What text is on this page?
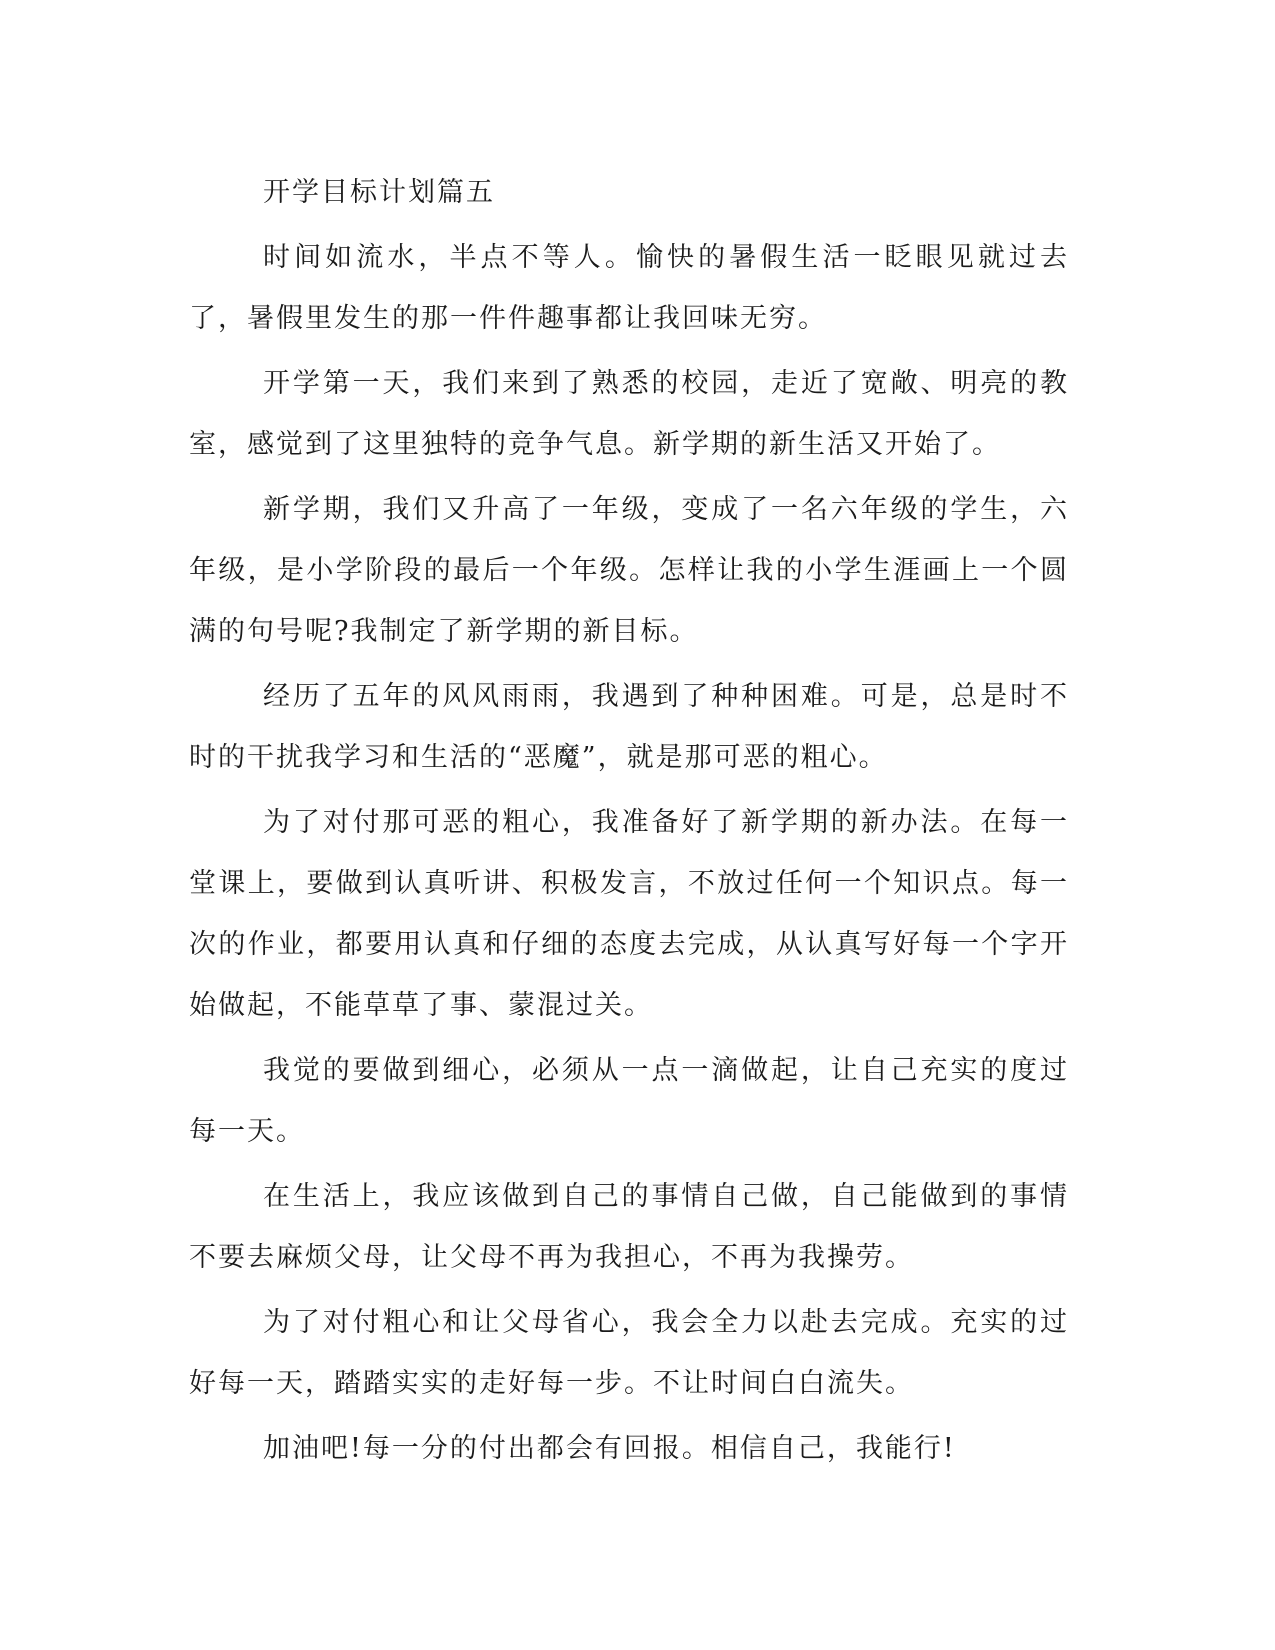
开学目标计划篇五

时间如流水，半点不等人。愉快的暑假生活一眨眼见就过去了，暑假里发生的那一件件趣事都让我回味无穷。

开学第一天，我们来到了熟悉的校园，走近了宽敞、明亮的教室，感觉到了这里独特的竞争气息。新学期的新生活又开始了。

新学期，我们又升高了一年级，变成了一名六年级的学生，六年级，是小学阶段的最后一个年级。怎样让我的小学生涯画上一个圆满的句号呢?我制定了新学期的新目标。

经历了五年的风风雨雨，我遇到了种种困难。可是，总是时不时的干扰我学习和生活的“恶魔”，就是那可恶的粗心。

为了对付那可恶的粗心，我准备好了新学期的新办法。在每一堂课上，要做到认真听讲、积极发言，不放过任何一个知识点。每一次的作业，都要用认真和仔细的态度去完成，从认真写好每一个字开始做起，不能草草了事、蒙混过关。

我觉的要做到细心，必须从一点一滴做起，让自己充实的度过每一天。

在生活上，我应该做到自己的事情自己做，自己能做到的事情不要去麻烦父母，让父母不再为我担心，不再为我操劳。

为了对付粗心和让父母省心，我会全力以赴去完成。充实的过好每一天，踏踏实实的走好每一步。不让时间白白流失。

加油吧!每一分的付出都会有回报。相信自己，我能行!
